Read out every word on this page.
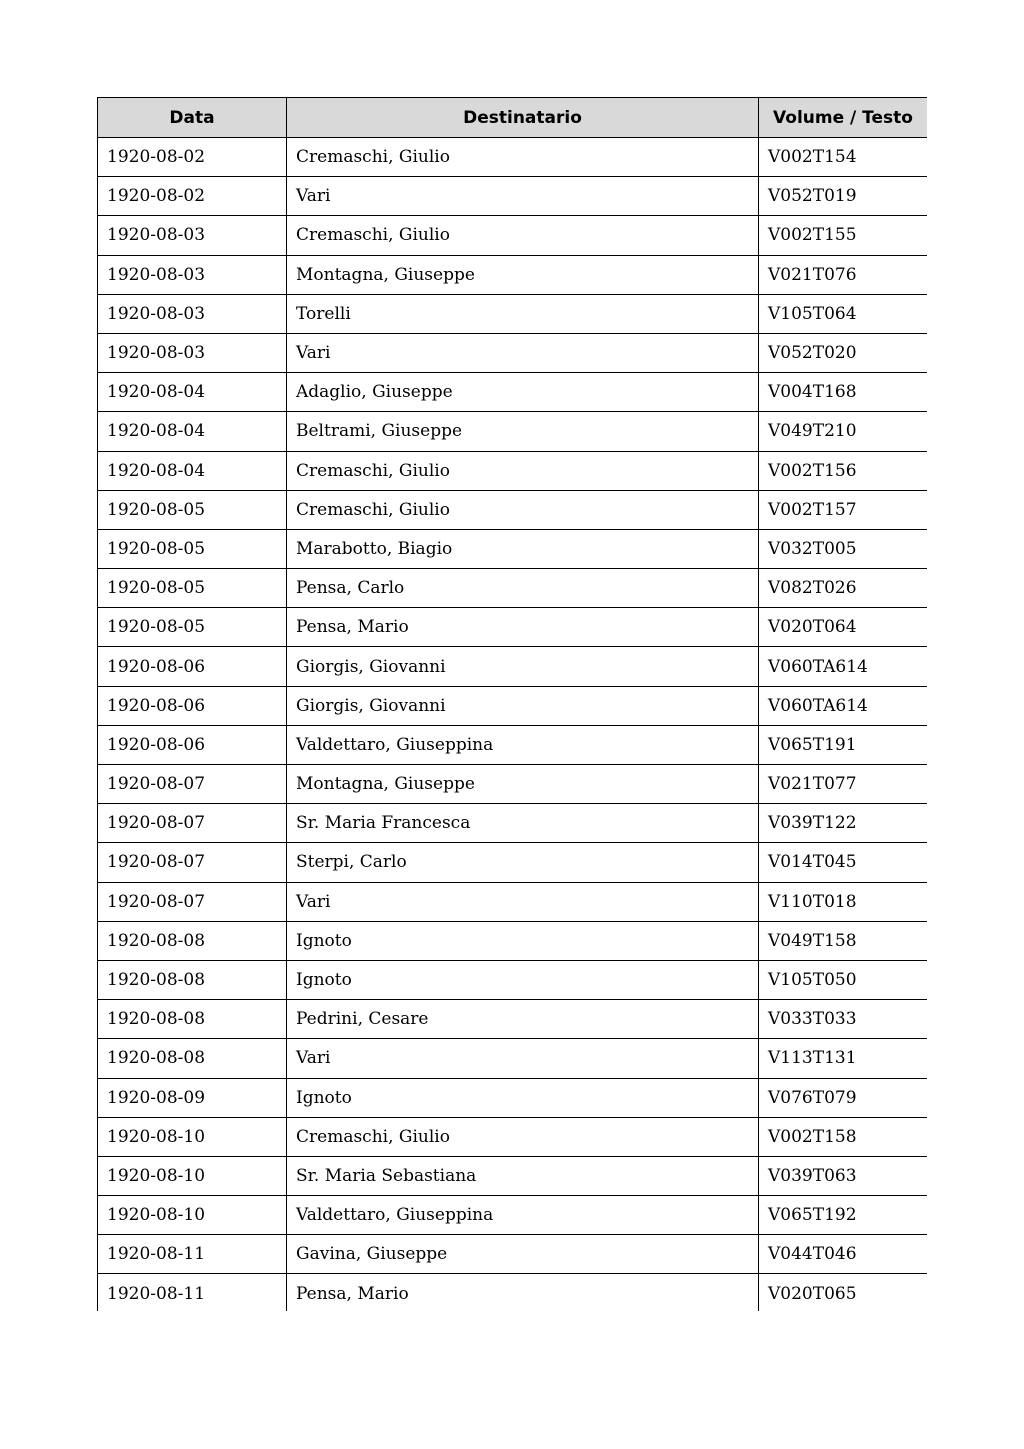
Data	Destinatario	Volume / Testo
1920-08-02	Cremaschi, Giulio	V002T154
1920-08-02	Vari	V052T019
1920-08-03	Cremaschi, Giulio	V002T155
1920-08-03	Montagna, Giuseppe	V021T076
1920-08-03	Torelli	V105T064
1920-08-03	Vari	V052T020
1920-08-04	Adaglio, Giuseppe	V004T168
1920-08-04	Beltrami, Giuseppe	V049T210
1920-08-04	Cremaschi, Giulio	V002T156
1920-08-05	Cremaschi, Giulio	V002T157
1920-08-05	Marabotto, Biagio	V032T005
1920-08-05	Pensa, Carlo	V082T026
1920-08-05	Pensa, Mario	V020T064
1920-08-06	Giorgis, Giovanni	V060TA614
1920-08-06	Giorgis, Giovanni	V060TA614
1920-08-06	Valdettaro, Giuseppina	V065T191
1920-08-07	Montagna, Giuseppe	V021T077
1920-08-07	Sr. Maria Francesca	V039T122
1920-08-07	Sterpi, Carlo	V014T045
1920-08-07	Vari	V110T018
1920-08-08	Ignoto	V049T158
1920-08-08	Ignoto	V105T050
1920-08-08	Pedrini, Cesare	V033T033
1920-08-08	Vari	V113T131
1920-08-09	Ignoto	V076T079
1920-08-10	Cremaschi, Giulio	V002T158
1920-08-10	Sr. Maria Sebastiana	V039T063
1920-08-10	Valdettaro, Giuseppina	V065T192
1920-08-11	Gavina, Giuseppe	V044T046
1920-08-11	Pensa, Mario	V020T065
